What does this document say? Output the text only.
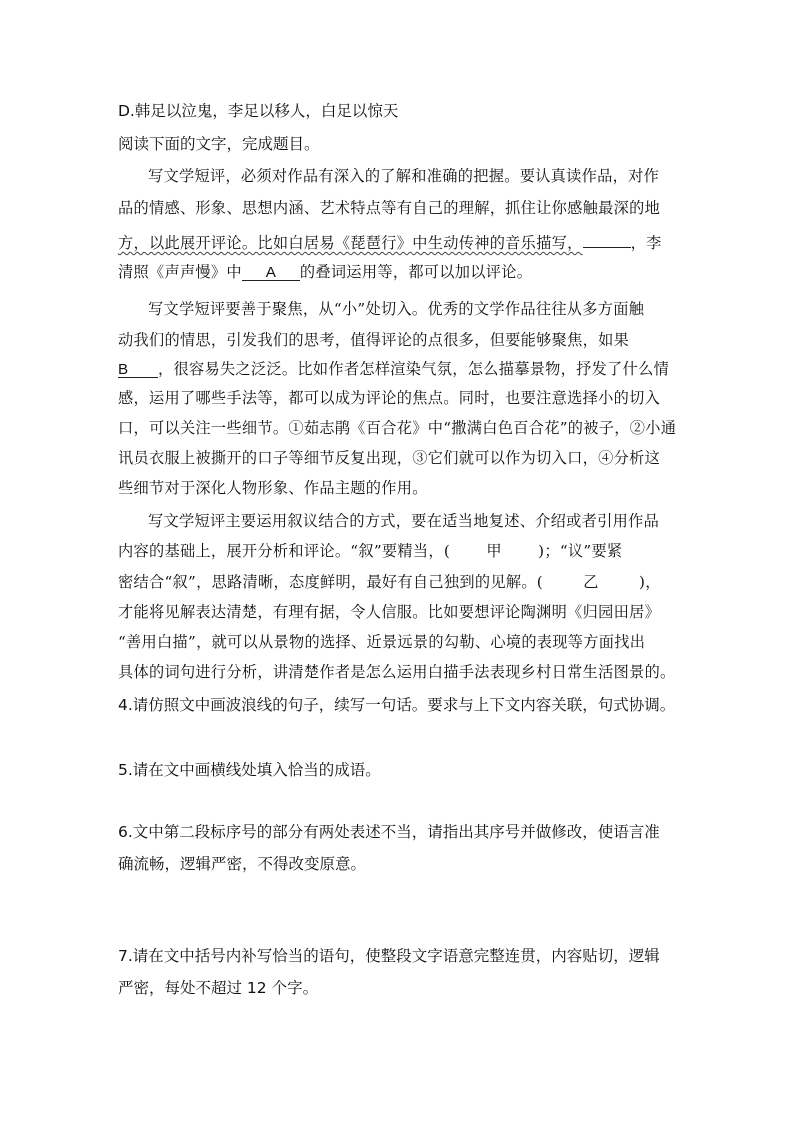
D.韩足以泣鬼，李足以移人，白足以惊天
阅读下面的文字，完成题目。
写文学短评，必须对作品有深入的了解和准确的把握。要认真读作品，对作
品的情感、形象、思想内涵、艺术特点等有自己的理解，抓住让你感触最深的地
方，以此展开评论。比如白居易《琵琶行》中生动传神的音乐描写，	，李
清照《声声慢》中 A 的叠词运用等，都可以加以评论。
写文学短评要善于聚焦，从“小”处切入。优秀的文学作品往往从多方面触
动我们的情思，引发我们的思考，值得评论的点很多，但要能够聚焦，如果
B ，很容易失之泛泛。比如作者怎样渲染气氛，怎么描摹景物，抒发了什么情
感，运用了哪些手法等，都可以成为评论的焦点。同时，也要注意选择小的切入
口，可以关注一些细节。①茹志鹃《百合花》中“撒满白色百合花”的被子，②小通
讯员衣服上被撕开的口子等细节反复出现，③它们就可以作为切入口，④分析这
些细节对于深化人物形象、作品主题的作用。
写文学短评主要运用叙议结合的方式，要在适当地复述、介绍或者引用作品
内容的基础上，展开分析和评论。“叙”要精当，( 甲 )；“议”要紧
密结合“叙”，思路清晰，态度鲜明，最好有自己独到的见解。(	乙	)，
才能将见解表达清楚，有理有据，令人信服。比如要想评论陶渊明《归园田居》
“善用白描”，就可以从景物的选择、近景远景的勾勒、心境的表现等方面找出
具体的词句进行分析，讲清楚作者是怎么运用白描手法表现乡村日常生活图景的。
4.请仿照文中画波浪线的句子，续写一句话。要求与上下文内容关联，句式协调。
5.请在文中画横线处填入恰当的成语。
6.文中第二段标序号的部分有两处表述不当，请指出其序号并做修改，使语言准
确流畅，逻辑严密，不得改变原意。
7.请在文中括号内补写恰当的语句，使整段文字语意完整连贯，内容贴切，逻辑
严密，每处不超过 12 个字。
